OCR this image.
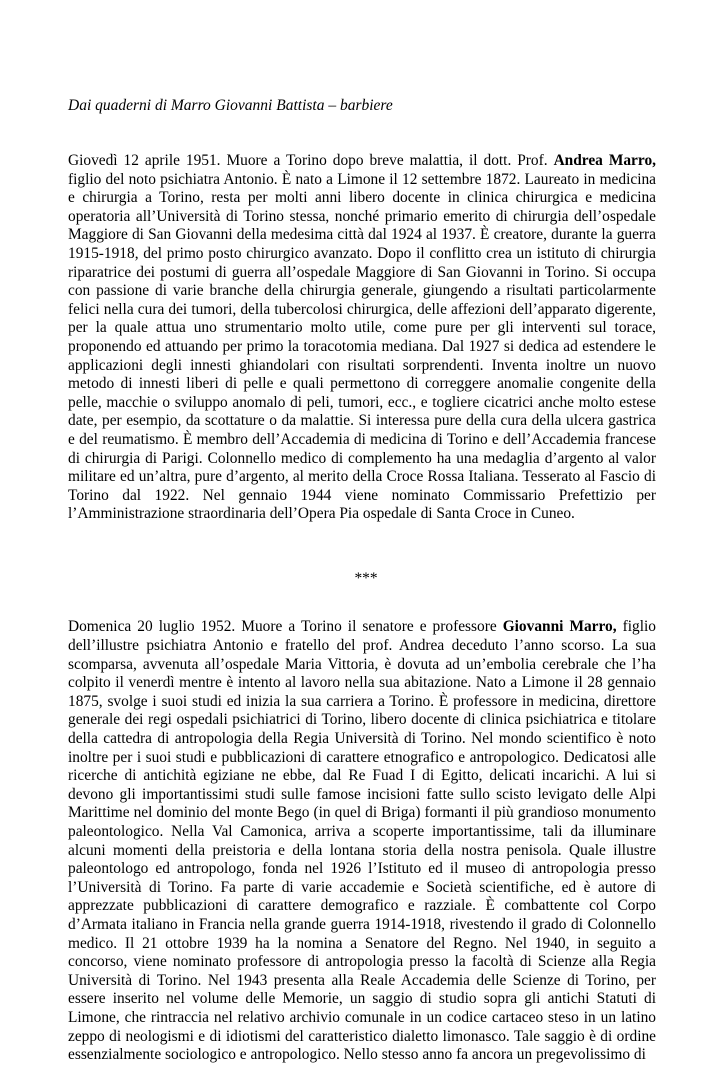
Dai quaderni di Marro Giovanni Battista – barbiere

Giovedì 12 aprile 1951. Muore a Torino dopo breve malattia, il dott. Prof. Andrea Marro, figlio del noto psichiatra Antonio. È nato a Limone il 12 settembre 1872. Laureato in medicina e chirurgia a Torino, resta per molti anni libero docente in clinica chirurgica e medicina operatoria all’Università di Torino stessa, nonché primario emerito di chirurgia dell’ospedale Maggiore di San Giovanni della medesima città dal 1924 al 1937. È creatore, durante la guerra 1915-1918, del primo posto chirurgico avanzato. Dopo il conflitto crea un istituto di chirurgia riparatrice dei postumi di guerra all’ospedale Maggiore di San Giovanni in Torino. Si occupa con passione di varie branche della chirurgia generale, giungendo a risultati particolarmente felici nella cura dei tumori, della tubercolosi chirurgica, delle affezioni dell’apparato digerente, per la quale attua uno strumentario molto utile, come pure per gli interventi sul torace, proponendo ed attuando per primo la toracotomia mediana. Dal 1927 si dedica ad estendere le applicazioni degli innesti ghiandolari con risultati sorprendenti. Inventa inoltre un nuovo metodo di innesti liberi di pelle e quali permettono di correggere anomalie congenite della pelle, macchie o sviluppo anomalo di peli, tumori, ecc., e togliere cicatrici anche molto estese date, per esempio, da scottature o da malattie. Si interessa pure della cura della ulcera gastrica e del reumatismo. È membro dell’Accademia di medicina di Torino e dell’Accademia francese di chirurgia di Parigi. Colonnello medico di complemento ha una medaglia d’argento al valor militare ed un’altra, pure d’argento, al merito della Croce Rossa Italiana. Tesserato al Fascio di Torino dal 1922. Nel gennaio 1944 viene nominato Commissario Prefettizio per l’Amministrazione straordinaria dell’Opera Pia ospedale di Santa Croce in Cuneo.

***

Domenica 20 luglio 1952. Muore a Torino il senatore e professore Giovanni Marro, figlio dell’illustre psichiatra Antonio e fratello del prof. Andrea deceduto l’anno scorso. La sua scomparsa, avvenuta all’ospedale Maria Vittoria, è dovuta ad un’embolia cerebrale che l’ha colpito il venerdì mentre è intento al lavoro nella sua abitazione. Nato a Limone il 28 gennaio 1875, svolge i suoi studi ed inizia la sua carriera a Torino. È professore in medicina, direttore generale dei regi ospedali psichiatrici di Torino, libero docente di clinica psichiatrica e titolare della cattedra di antropologia della Regia Università di Torino. Nel mondo scientifico è noto inoltre per i suoi studi e pubblicazioni di carattere etnografico e antropologico. Dedicatosi alle ricerche di antichità egiziane ne ebbe, dal Re Fuad I di Egitto, delicati incarichi. A lui si devono gli importantissimi studi sulle famose incisioni fatte sullo scisto levigato delle Alpi Marittime nel dominio del monte Bego (in quel di Briga) formanti il più grandioso monumento paleontologico. Nella Val Camonica, arriva a scoperte importantissime, tali da illuminare alcuni momenti della preistoria e della lontana storia della nostra penisola. Quale illustre paleontologo ed antropologo, fonda nel 1926 l’Istituto ed il museo di antropologia presso l’Università di Torino. Fa parte di varie accademie e Società scientifiche, ed è autore di apprezzate pubblicazioni di carattere demografico e razziale. È combattente col Corpo d’Armata italiano in Francia nella grande guerra 1914-1918, rivestendo il grado di Colonnello medico. Il 21 ottobre 1939 ha la nomina a Senatore del Regno. Nel 1940, in seguito a concorso, viene nominato professore di antropologia presso la facoltà di Scienze alla Regia Università di Torino. Nel 1943 presenta alla Reale Accademia delle Scienze di Torino, per essere inserito nel volume delle Memorie, un saggio di studio sopra gli antichi Statuti di Limone, che rintraccia nel relativo archivio comunale in un codice cartaceo steso in un latino zeppo di neologismi e di idiotismi del caratteristico dialetto limonasco. Tale saggio è di ordine essenzialmente sociologico e antropologico. Nello stesso anno fa ancora un pregevolissimo di
